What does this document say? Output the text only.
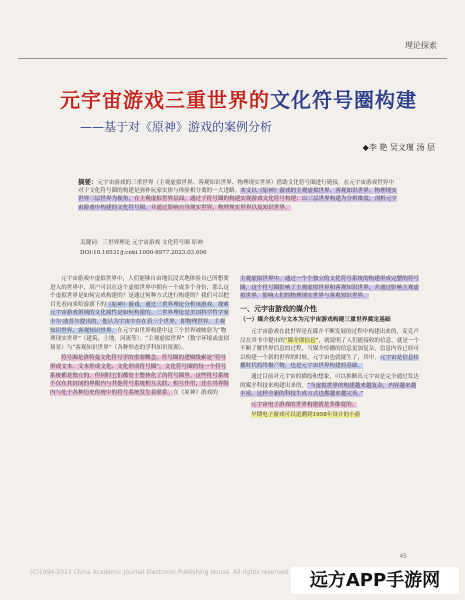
理论探索
元宇宙游戏三重世界的文化符号圈构建
——基于对《原神》游戏的案例分析
◆李 艳 吴文瑾 汤 层
摘要：元宇宙游戏的三重世界（主观虚拟世界、客观知识世界、物理现实世界）借助文化符号圈进行链接，在元宇宙游戏世界中对于文化符号圈的构建是弥补玩家实体与体验相分离的一大进路。本文以《原神》游戏的主观虚拟世界、客观知识世界、物理现实世界三层世界为视角，在主观虚拟世界层面，通过子符号圈的构建实现游戏文化符号构建；以三层世界构建为分析维度，剖析元宇宙游戏中构建的文化符号圈，并通过影响自身现实世界、物理现实世界以及知识世界。
关键词：三世界理论 元宇宙游戏 文化符号圈 原神
DOI:10.16531/j.cnki.1000-8977.2023.03.006

元宇宙游戏中虚拟世界中，人们能够自由地沉浸式地体验自己所想要进入的世界中，用户可以在这个虚拟世界中拥有一个或多个身份，那么这个虚拟世界是如何完成构建的？是通过何种方式进行构建的？我们可以把目光看向米哈游旗下的《原神》游戏，通过三世界理论分析该游戏，探索元宇宙游戏领域的文化属性是如何构建的。三世界理论是美国科学哲学家卡尔·波普尔提出的，他认为宇宙中存在着三个世界，即物理世界、主观知识世界、客观知识世界。在元宇宙世界构建中这三个世界被映射为“物理现实世界”（建筑、土地、河流等）、“主观虚拟世界”（数字环境或虚拟场景）与“客观知识世界”（各种形态的学科知识资源）。

符号圈是洛特曼文化符号学的重要概念，符号圈的逻辑线索是“符号形成文本、文本形成文化、文化形成符号圈”，文化符号圈的每一个符号系统都是独立的，但同时它们都处于整体化了的符号圈里。这些符号系统不仅在其封闭的界限内与其他符号系统相互关联，相互作用，还在其界限内与处于各种历史传统中的符号系统发生着联系。在《原神》游戏的

主观虚拟世界中，通过一个个独立的文化符号系统的构建形成完整的符号圈，这个符号圈影响了主观虚拟世界和客观知识世界，并通过影响主观虚拟世界，影响人们的物理现实世界与客观知识世界。

一、元宇宙游戏的媒介性
（一）媒介技术与文本为元宇宙游戏构建三重世界奠定基础

元宇宙游戏在此世界是在媒介不断发展的过程中构建出来的，麦克卢汉在其书中提出的“媒介即信息”，就说明了人们能接收的信息，就是一个不断了解世界信息的过程，当媒介传播的信息更加复杂，信息内容已经可以构建一个新的世界的时候，元宇宙也就诞生了，其中，元宇宙是信息传播时代的终极产物，也是元宇宙世界构建的基础。

通过目前对元宇宙的描绘和想象，可以推断出元宇宙是完全通过发达的媒介科技来构建出来的，“当虚拟世界的构建越来越复杂，内容越来越丰富，这样全新的科技生成方式也都越来越完善。”

元宇宙电子游戏的世界构建就是多维度的。

早期电子游戏可以追溯到1958年设计的小游

45
(C)1994-2023 China Academic Journal Electronic Publishing House. All rights reserved.	远方APP手游网
